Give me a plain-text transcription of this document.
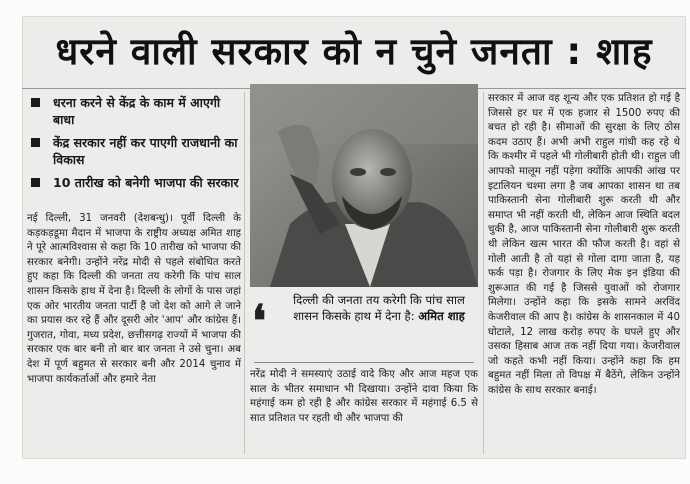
धरने वाली सरकार को न चुने जनता : शाह
धरना करने से केंद्र के काम में आएगी बाधा
केंद्र सरकार नहीं कर पाएगी राजधानी का विकास
10 तारीख को बनेगी भाजपा की सरकार

नई दिल्ली, 31 जनवरी (देशबन्धु)। पूर्वी दिल्ली के कड़कड़डूमा मैदान में भाजपा के राष्ट्रीय अध्यक्ष अमित शाह ने पूरे आत्मविश्वास से कहा कि 10 तारीख को भाजपा की सरकार बनेगी। उन्होंने नरेंद्र मोदी से पहले संबोधित करते हुए कहा कि दिल्ली की जनता तय करेगी कि पांच साल शासन किसके हाथ में देना है। दिल्ली के लोगों के पास जहां एक ओर भारतीय जनता पार्टी है जो देश को आगे ले जाने का प्रयास कर रहे हैं और दूसरी ओर 'आप' और कांग्रेस हैं। गुजरात, गोवा, मध्य प्रदेश, छत्तीसगढ़ राज्यों में भाजपा की सरकार एक बार बनी तो बार बार जनता ने उसे चुना। अब देश में पूर्ण बहुमत से सरकार बनी और 2014 चुनाव में भाजपा कार्यकर्ताओं और हमारे नेता

❛	दिल्ली की जनता तय करेगी कि पांच साल शासन किसके हाथ में देना है: अमित शाह

नरेंद्र मोदी ने समस्याएं उठाई वादे किए और आज महज एक साल के भीतर समाधान भी दिखाया। उन्होंने दावा किया कि महंगाई कम हो रही है और कांग्रेस सरकार में महंगाई 6.5 से सात प्रतिशत पर रहती थी और भाजपा की

सरकार में आज वह शून्य और एक प्रतिशत हो गई है जिससे हर घर में एक हजार से 1500 रुपए की बचत हो रही है। सीमाओं की सुरक्षा के लिए ठोस कदम उठाए हैं। अभी अभी राहुल गांधी कह रहे थे कि कश्मीर में पहले भी गोलीबारी होती थी। राहुल जी आपको मालूम नहीं पड़ेगा क्योंकि आपकी आंख पर इटालियन चश्मा लगा है जब आपका शासन था तब पाकिस्तानी सेना गोलीबारी शुरू करती थी और समाप्त भी नहीं करती थी, लेकिन आज स्थिति बदल चुकी है, आज पाकिस्तानी सेना गोलीबारी शुरू करती थी लेकिन खत्म भारत की फौज करती है। वहां से गोली आती है तो यहां से गोला दागा जाता है, यह फर्क पड़ा है। रोजगार के लिए मेक इन इंडिया की शुरूआत की गई है जिससे युवाओं को रोजगार मिलेगा। उन्होंने कहा कि इसके सामने अरविंद केजरीवाल की आप है। कांग्रेस के शासनकाल में 40 घोटाले, 12 लाख करोड़ रुपए के घपले हुए और उसका हिसाब आज तक नहीं दिया गया। केजरीवाल जो कहते कभी नहीं किया। उन्होंने कहा कि हम बहुमत नहीं मिला तो विपक्ष में बैठेंगे, लेकिन उन्होंने कांग्रेस के साथ सरकार बनाई।
